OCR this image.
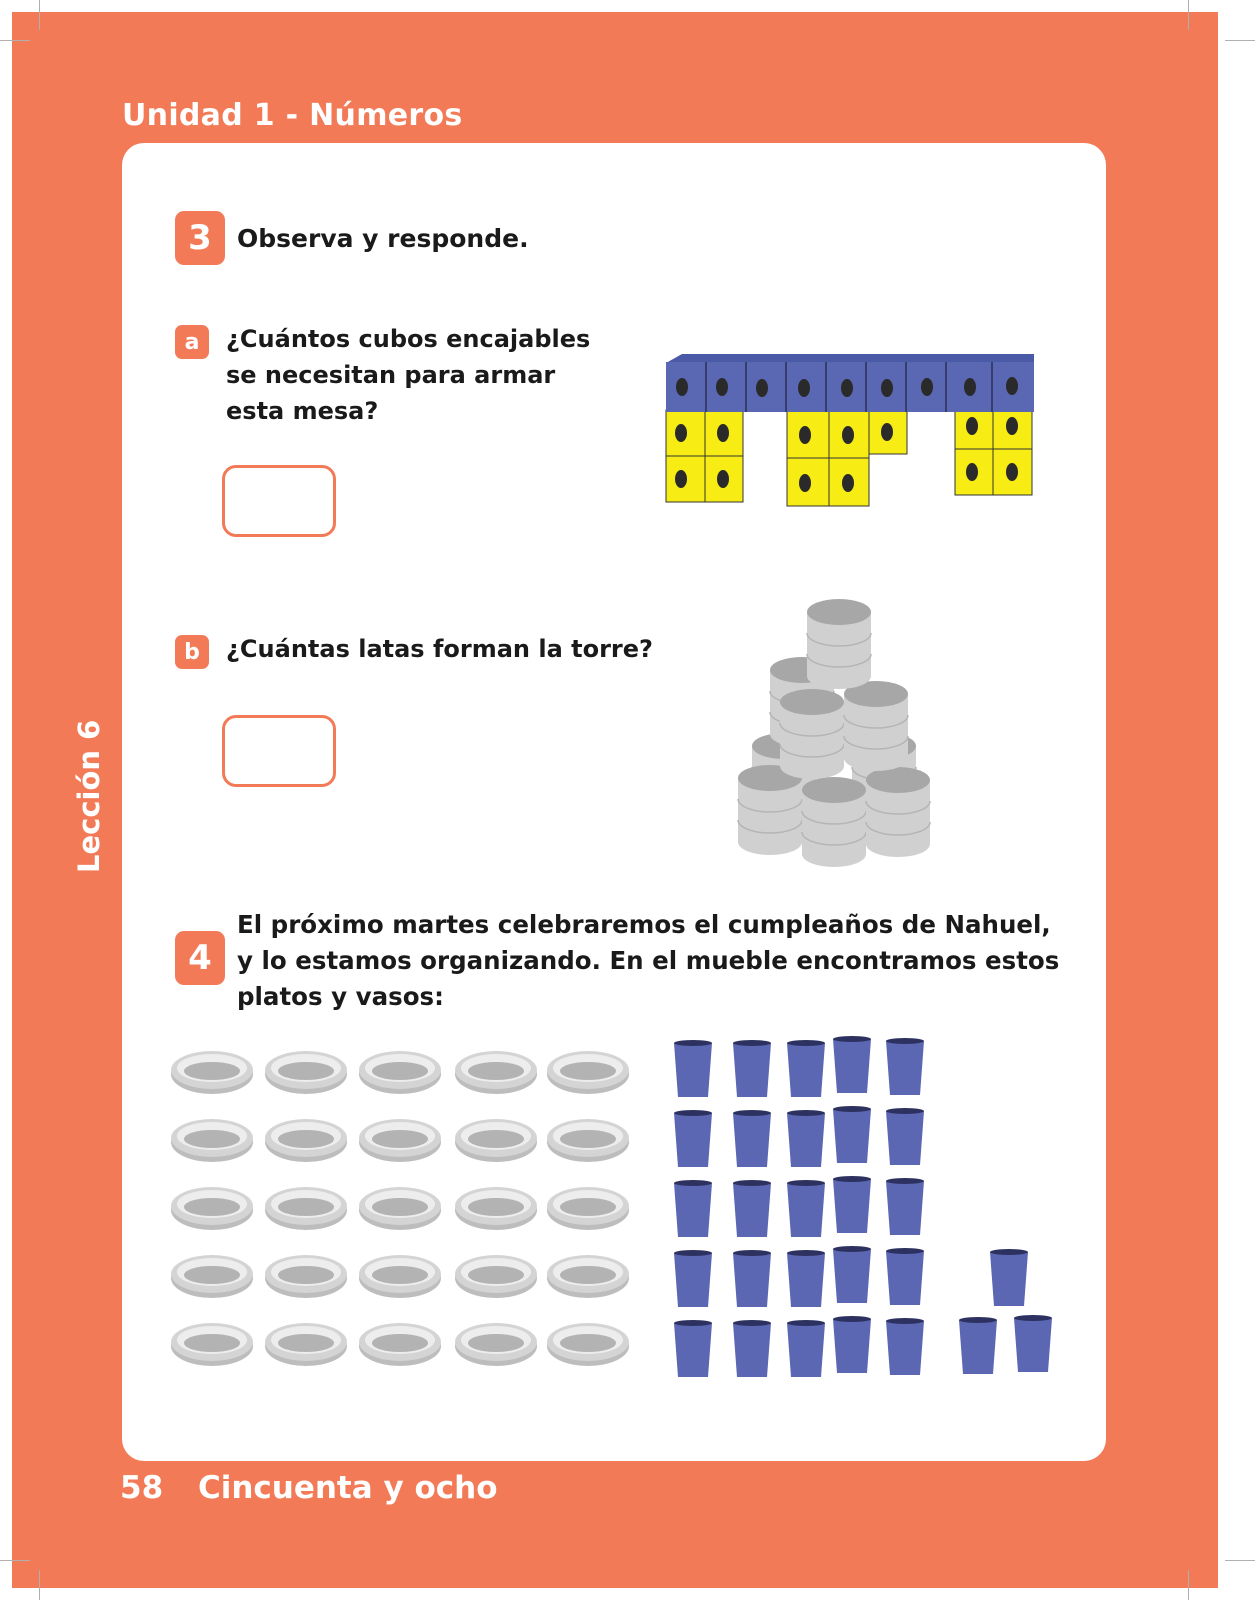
Unidad 1 - Números
Lección 6
3	Observa y responde.
a	¿Cuántos cubos encajables
se necesitan para armar
esta mesa?
b	¿Cuántas latas forman la torre?
4
El próximo martes celebraremos el cumpleaños de Nahuel,
y lo estamos organizando. En el mueble encontramos estos
platos y vasos:
58 Cincuenta y ocho
